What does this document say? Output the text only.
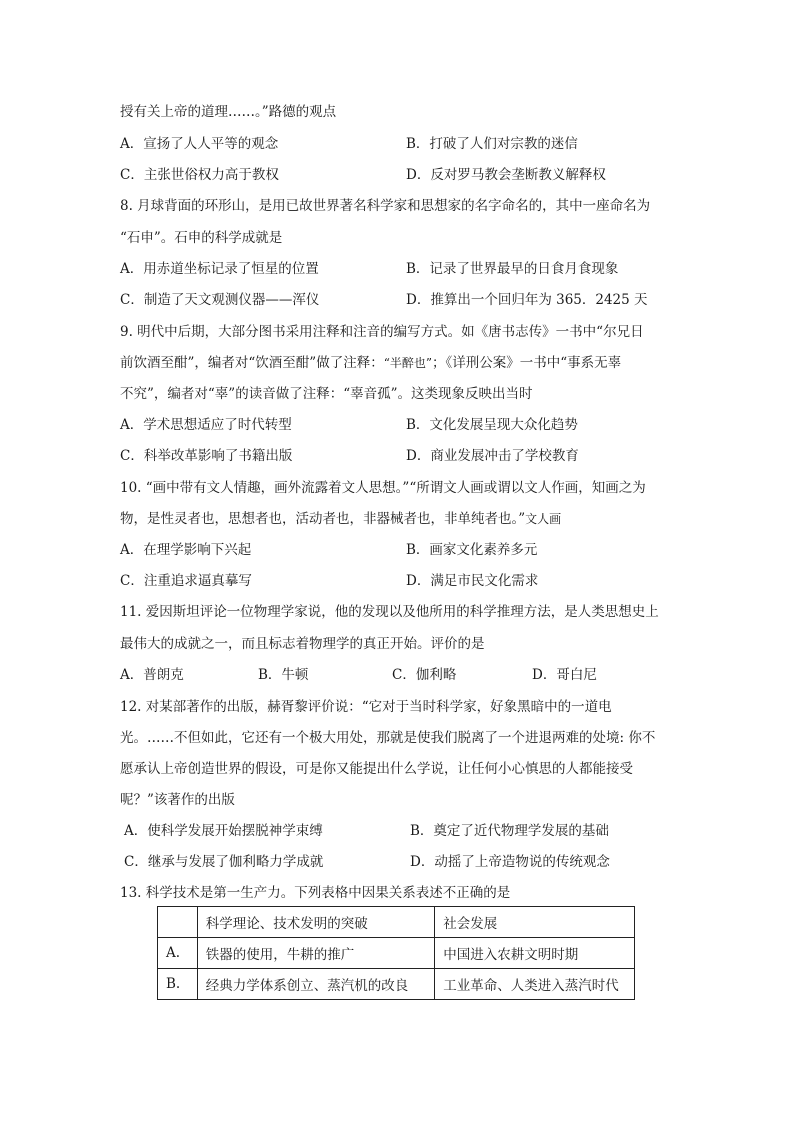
授有关上帝的道理……。”路德的观点
A．宣扬了人人平等的观念	B．打破了人们对宗教的迷信
C．主张世俗权力高于教权	D．反对罗马教会垄断教义解释权
8. 月球背面的环形山，是用已故世界著名科学家和思想家的名字命名的，其中一座命名为
“石申”。石申的科学成就是
A．用赤道坐标记录了恒星的位置	B．记录了世界最早的日食月食现象
C．制造了天文观测仪器——浑仪	D．推算出一个回归年为 365．2425 天
9. 明代中后期，大部分图书采用注释和注音的编写方式。如《唐书志传》一书中“尔兄日
前饮酒至酣”，编者对“饮酒至酣”做了注释：“半醉也”；《详刑公案》一书中“事系无辜
不究”，编者对“辜”的读音做了注释：“辜音孤”。这类现象反映出当时
A．学术思想适应了时代转型	B．文化发展呈现大众化趋势
C．科举改革影响了书籍出版	D．商业发展冲击了学校教育
10. “画中带有文人情趣，画外流露着文人思想。”“所谓文人画或谓以文人作画，知画之为
物，是性灵者也，思想者也，活动者也，非器械者也，非单纯者也。”文人画
A．在理学影响下兴起	B．画家文化素养多元
C．注重追求逼真摹写	D．满足市民文化需求
11. 爱因斯坦评论一位物理学家说，他的发现以及他所用的科学推理方法，是人类思想史上
最伟大的成就之一，而且标志着物理学的真正开始。评价的是
A．普朗克	B．牛顿	C．伽利略	D．哥白尼
12. 对某部著作的出版，赫胥黎评价说：“它对于当时科学家，好象黑暗中的一道电
光。……不但如此，它还有一个极大用处，那就是使我们脱离了一个进退两难的处境: 你不
愿承认上帝创造世界的假设，可是你又能提出什么学说，让任何小心慎思的人都能接受
呢？”该著作的出版
A．使科学发展开始摆脱神学束缚	B．奠定了近代物理学发展的基础
C．继承与发展了伽利略力学成就	D．动摇了上帝造物说的传统观念
13. 科学技术是第一生产力。下列表格中因果关系表述不正确的是
	科学理论、技术发明的突破	社会发展
A.	铁器的使用，牛耕的推广	中国进入农耕文明时期
B.	经典力学体系创立、蒸汽机的改良	工业革命、人类进入蒸汽时代
